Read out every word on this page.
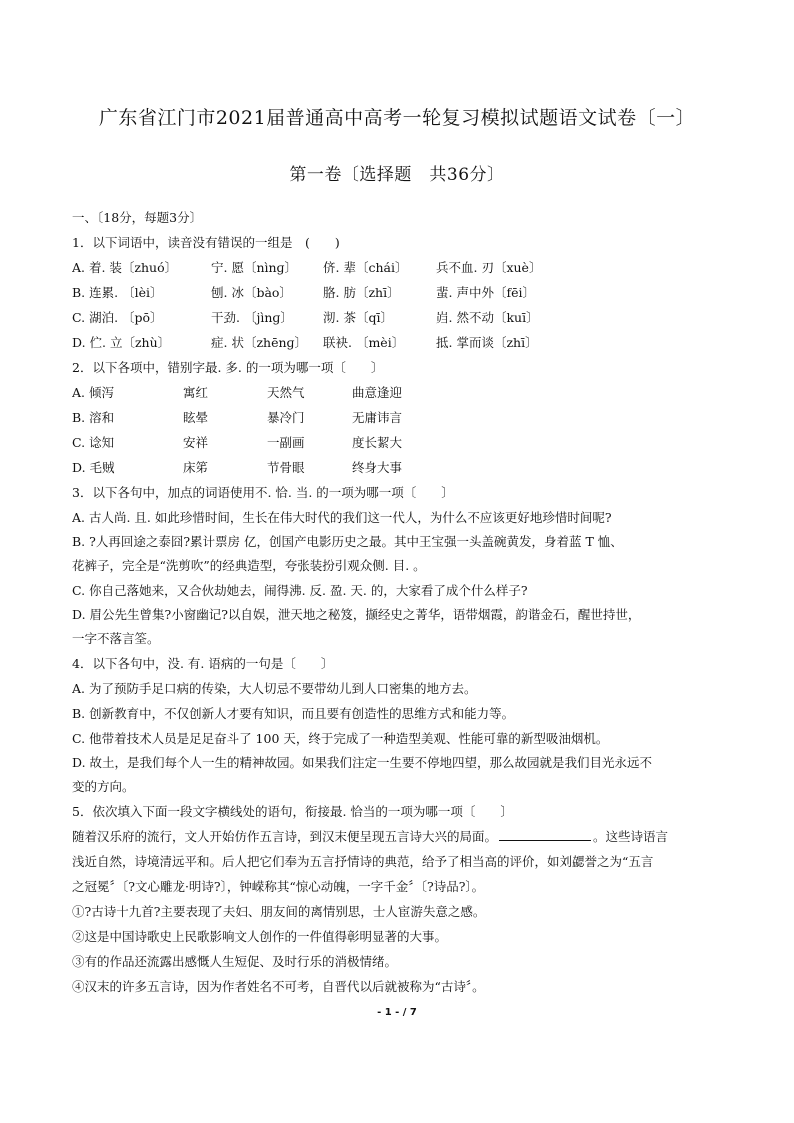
广东省江门市2021届普通高中高考一轮复习模拟试题语文试卷〔一〕
第一卷〔选择题　共36分〕
一、〔18分，每题3分〕
1．以下词语中，读音没有错误的一组是　(　　)
A. 着. 装〔zhuó〕	宁. 愿〔nìnɡ〕	侪. 辈〔chái〕	兵不血. 刃〔xuè〕
B. 连累. 〔lèi〕	刨. 冰〔bào〕	胳. 肪〔zhī〕	蜚. 声中外〔fēi〕
C. 湖泊. 〔pō〕	干劲. 〔jìnɡ〕	沏. 茶〔qī〕	岿. 然不动〔kuī〕
D. 伫. 立〔zhù〕	症. 状〔zhēnɡ〕	联袂. 〔mèi〕	抵. 掌而谈〔zhī〕
2．以下各项中，错别字最. 多. 的一项为哪一项〔　　〕
A. 倾泻	寓红	天然气	曲意逢迎
B. 溶和	眩晕	暴冷门	无庸讳言
C. 谂知	安祥	一副画	度长絜大
D. 毛贼	床笫	节骨眼	终身大事
3．以下各句中，加点的词语使用不. 恰. 当. 的一项为哪一项〔　　〕
A. 古人尚. 且. 如此珍惜时间，生长在伟大时代的我们这一代人，为什么不应该更好地珍惜时间呢?
B. ?人再回途之泰囧?累计票房 亿，创国产电影历史之最。其中王宝强一头盖碗黄发，身着蓝 T 恤、
花裤子，完全是“洗剪吹”的经典造型，夸张装扮引观众侧. 目. 。
C. 你自己落她来，又合伙劫她去，闹得沸. 反. 盈. 天. 的，大家看了成个什么样子?
D. 眉公先生曾集?小窗幽记?以自娱，泄天地之秘笈，撷经史之菁华，语带烟霞，韵谐金石，醒世持世，
一字不落言筌。
4．以下各句中，没. 有. 语病的一句是〔　　〕
A. 为了预防手足口病的传染，大人切忌不要带幼儿到人口密集的地方去。
B. 创新教育中，不仅创新人才要有知识，而且要有创造性的思维方式和能力等。
C. 他带着技术人员是足足奋斗了 100 天，终于完成了一种造型美观、性能可靠的新型吸油烟机。
D. 故土，是我们每个人一生的精神故园。如果我们注定一生要不停地四望，那么故园就是我们目光永远不
变的方向。
5．依次填入下面一段文字横线处的语句，衔接最. 恰当的一项为哪一项〔　　〕
随着汉乐府的流行，文人开始仿作五言诗，到汉末便呈现五言诗大兴的局面。	。这些诗语言
浅近自然，诗境清远平和。后人把它们奉为五言抒情诗的典范，给予了相当高的评价，如刘勰誉之为“五言
之冠冕〞〔?文心雕龙·明诗?〕，钟嵘称其“惊心动魄，一字千金〞〔?诗品?〕。
①?古诗十九首?主要表现了夫妇、朋友间的离情别思，士人宦游失意之感。
②这是中国诗歌史上民歌影响文人创作的一件值得彰明显著的大事。
③有的作品还流露出感慨人生短促、及时行乐的消极情绪。
④汉末的许多五言诗，因为作者姓名不可考，自晋代以后就被称为“古诗〞。
- 1 - / 7
